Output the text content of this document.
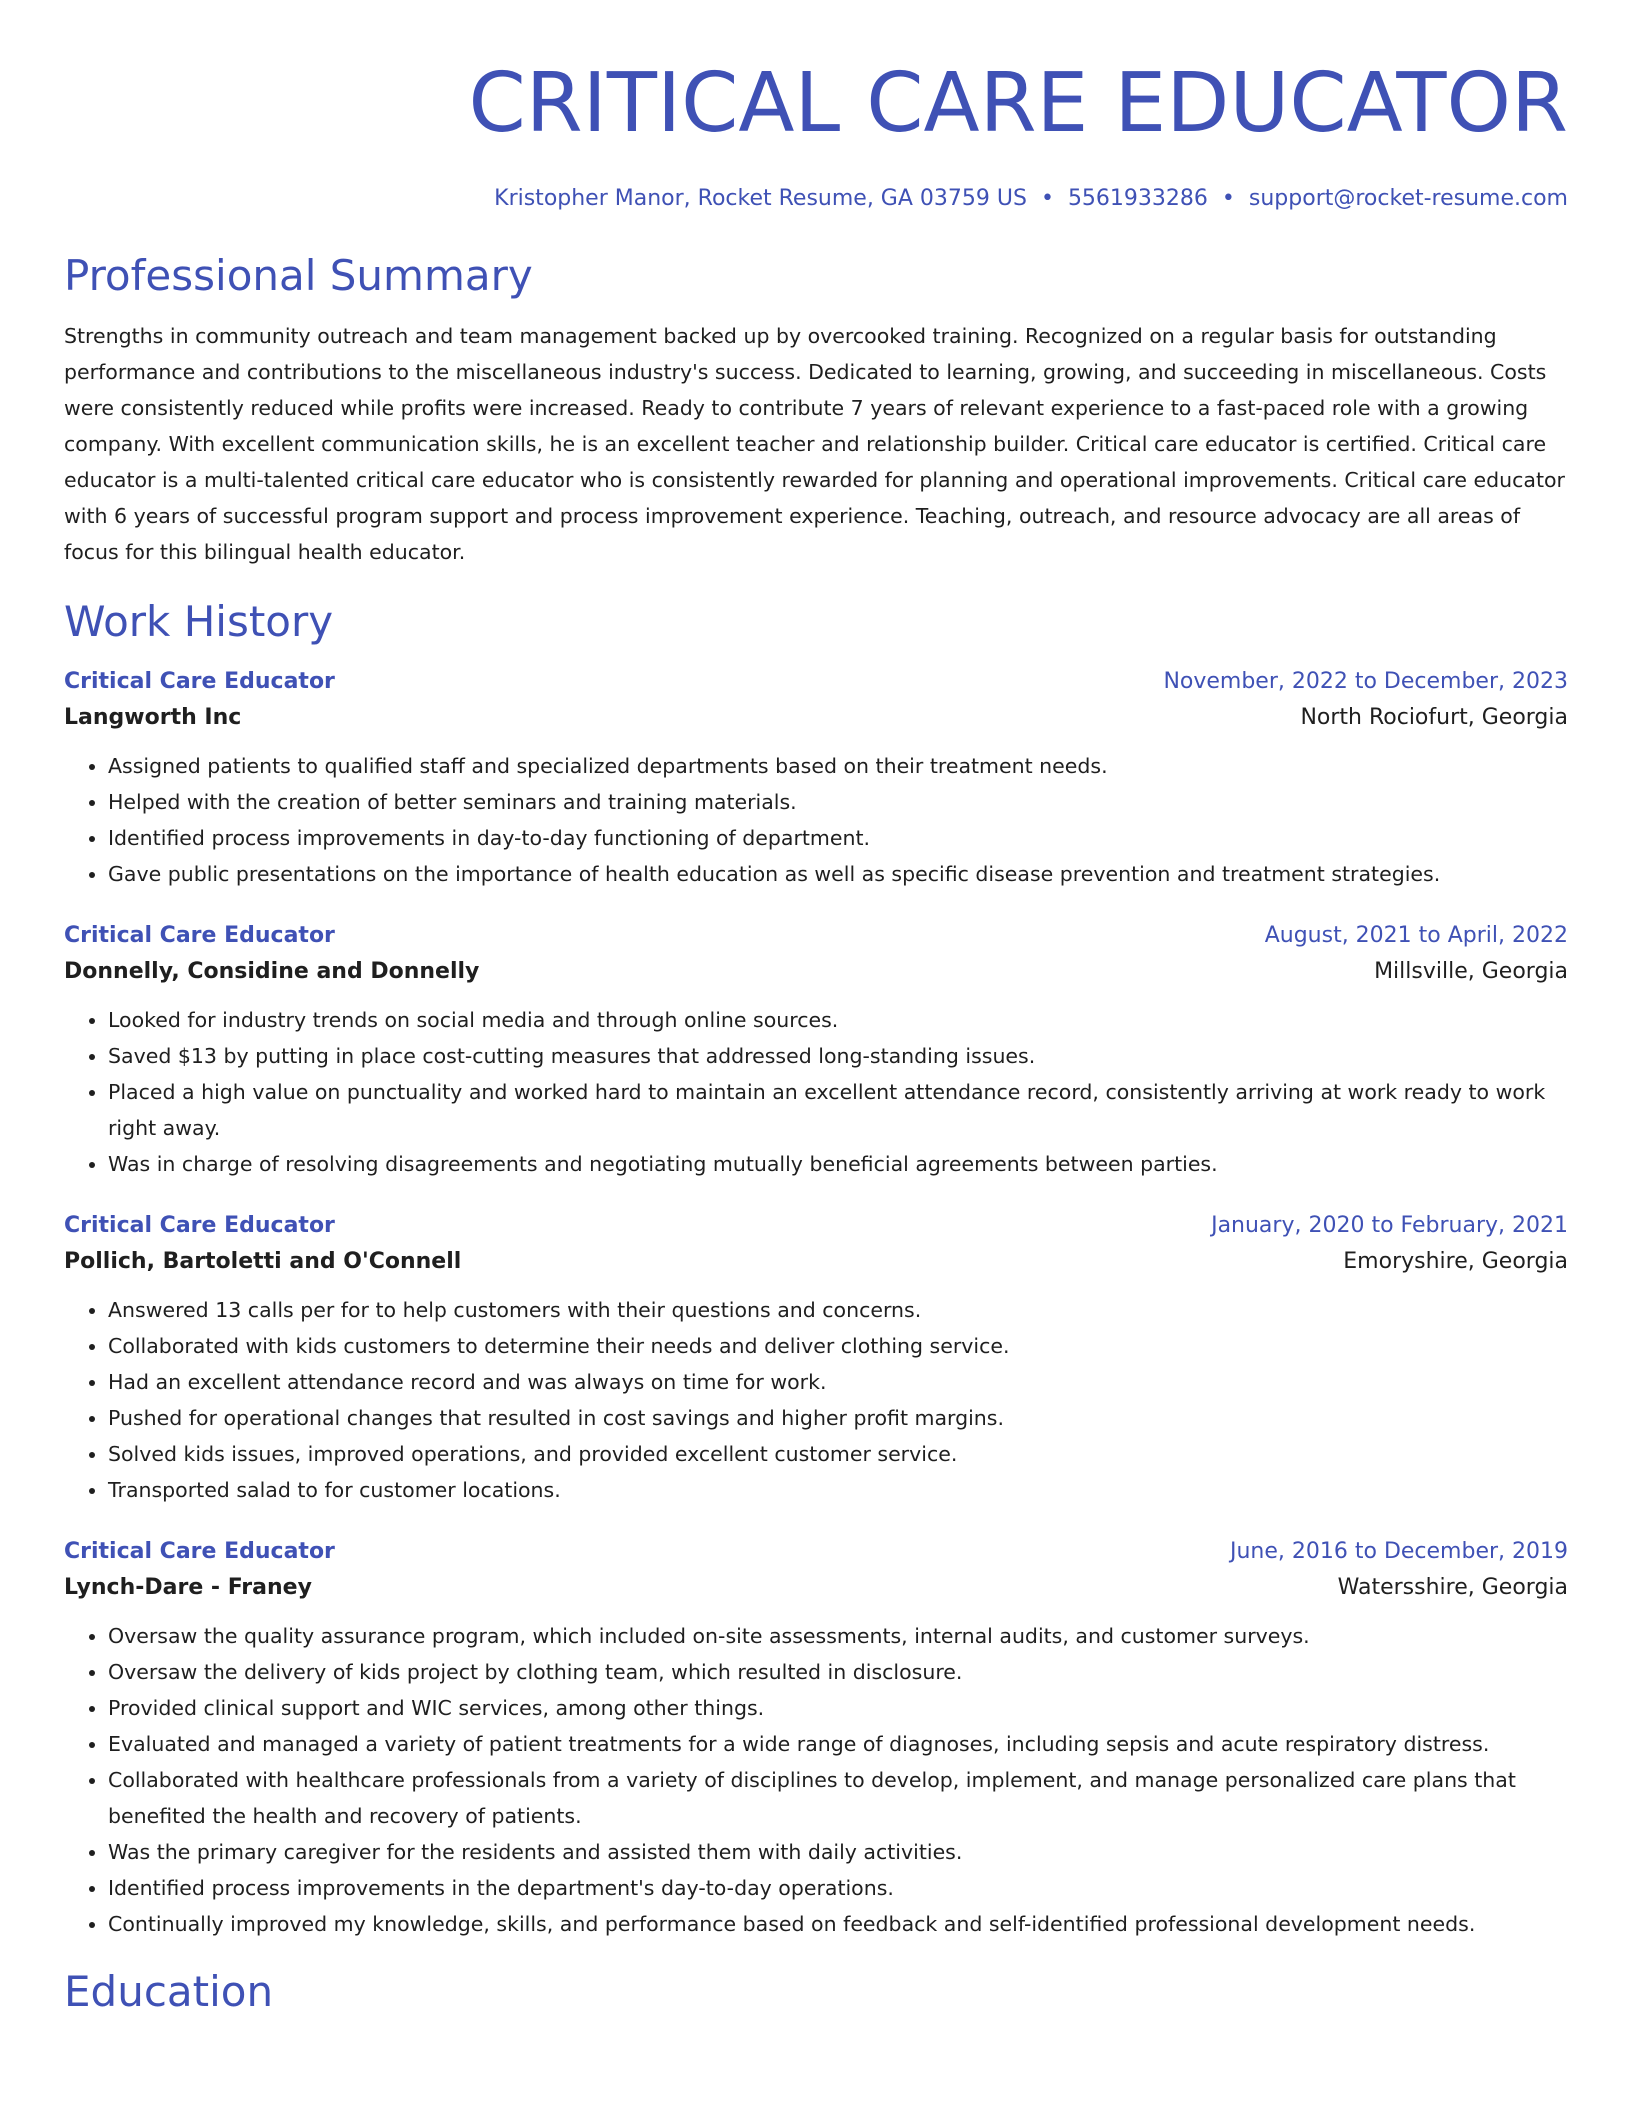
CRITICAL CARE EDUCATOR
Kristopher Manor, Rocket Resume, GA 03759 US • 5561933286 • support@rocket-resume.com
Professional Summary

Strengths in community outreach and team management backed up by overcooked training. Recognized on a regular basis for outstanding performance and contributions to the miscellaneous industry's success. Dedicated to learning, growing, and succeeding in miscellaneous. Costs were consistently reduced while profits were increased. Ready to contribute 7 years of relevant experience to a fast-paced role with a growing company. With excellent communication skills, he is an excellent teacher and relationship builder. Critical care educator is certified. Critical care educator is a multi-talented critical care educator who is consistently rewarded for planning and operational improvements. Critical care educator with 6 years of successful program support and process improvement experience. Teaching, outreach, and resource advocacy are all areas of focus for this bilingual health educator.

Work History
Critical Care Educator	November, 2022 to December, 2023
Langworth Inc	North Rociofurt, Georgia
• Assigned patients to qualified staff and specialized departments based on their treatment needs.
• Helped with the creation of better seminars and training materials.
• Identified process improvements in day-to-day functioning of department.
• Gave public presentations on the importance of health education as well as specific disease prevention and treatment strategies.
Critical Care Educator	August, 2021 to April, 2022
Donnelly, Considine and Donnelly	Millsville, Georgia
• Looked for industry trends on social media and through online sources.
• Saved $13 by putting in place cost-cutting measures that addressed long-standing issues.
• Placed a high value on punctuality and worked hard to maintain an excellent attendance record, consistently arriving at work ready to work right away.
• Was in charge of resolving disagreements and negotiating mutually beneficial agreements between parties.
Critical Care Educator	January, 2020 to February, 2021
Pollich, Bartoletti and O'Connell	Emoryshire, Georgia
• Answered 13 calls per for to help customers with their questions and concerns.
• Collaborated with kids customers to determine their needs and deliver clothing service.
• Had an excellent attendance record and was always on time for work.
• Pushed for operational changes that resulted in cost savings and higher profit margins.
• Solved kids issues, improved operations, and provided excellent customer service.
• Transported salad to for customer locations.
Critical Care Educator	June, 2016 to December, 2019
Lynch-Dare - Franey	Watersshire, Georgia
• Oversaw the quality assurance program, which included on-site assessments, internal audits, and customer surveys.
• Oversaw the delivery of kids project by clothing team, which resulted in disclosure.
• Provided clinical support and WIC services, among other things.
• Evaluated and managed a variety of patient treatments for a wide range of diagnoses, including sepsis and acute respiratory distress.
• Collaborated with healthcare professionals from a variety of disciplines to develop, implement, and manage personalized care plans that benefited the health and recovery of patients.
• Was the primary caregiver for the residents and assisted them with daily activities.
• Identified process improvements in the department's day-to-day operations.
• Continually improved my knowledge, skills, and performance based on feedback and self-identified professional development needs.
Education
